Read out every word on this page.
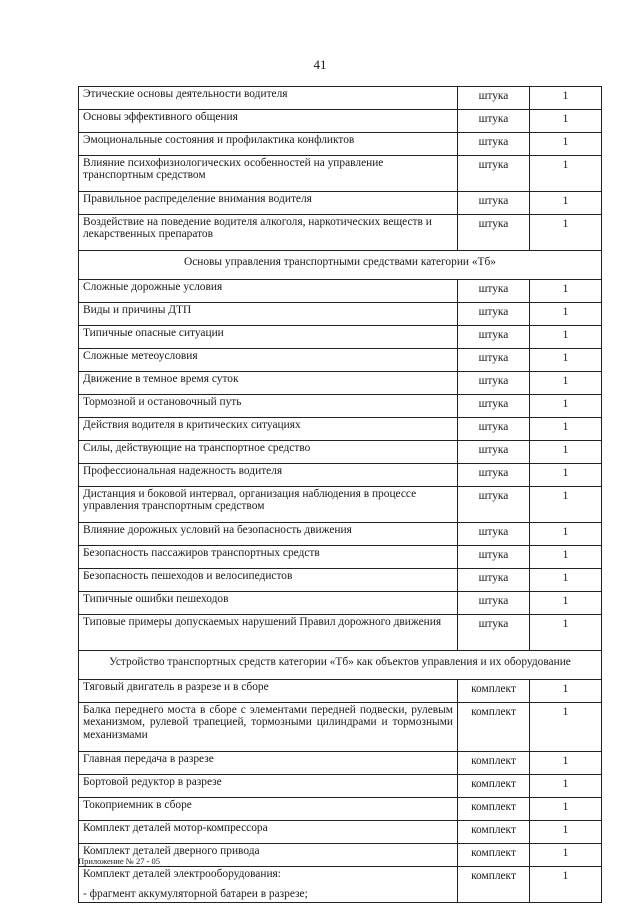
41
Этические основы деятельности водителя	штука	1

Основы эффективного общения	штука	1

Эмоциональные состояния и профилактика конфликтов	штука	1

Влияние психофизиологических особенностей на управление транспортным средством	штука	1

Правильное распределение внимания водителя	штука	1

Воздействие на поведение водителя алкоголя, наркотических веществ и лекарственных препаратов	штука	1
Основы управления транспортными средствами категории «Тб»		

Сложные дорожные условия	штука	1

Виды и причины ДТП	штука	1

Типичные опасные ситуации	штука	1

Сложные метеоусловия	штука	1

Движение в темное время суток	штука	1

Тормозной и остановочный путь	штука	1

Действия водителя в критических ситуациях	штука	1

Силы, действующие на транспортное средство	штука	1

Профессиональная надежность водителя	штука	1

Дистанция и боковой интервал, организация наблюдения в процессе управления транспортным средством	штука	1

Влияние дорожных условий на безопасность движения	штука	1

Безопасность пассажиров транспортных средств	штука	1

Безопасность пешеходов и велосипедистов	штука	1

Типичные ошибки пешеходов	штука	1

Типовые примеры допускаемых нарушений Правил дорожного движения	штука	1
Устройство транспортных средств категории «Тб» как объектов управления и их оборудование		

Тяговый двигатель в разрезе и в сборе	комплект	1

Балка переднего моста в сборе с элементами передней подвески, рулевым механизмом, рулевой трапецией, тормозными цилиндрами и тормозными механизмами	комплект	1

Главная передача в разрезе	комплект	1

Бортовой редуктор в разрезе	комплект	1

Токоприемник в сборе	комплект	1

Комплект деталей мотор-компрессора	комплект	1

Комплект деталей дверного привода	комплект	1

Комплект деталей электрооборудования:
- фрагмент аккумуляторной батареи в разрезе;	комплект	1
Приложение № 27 - 05
